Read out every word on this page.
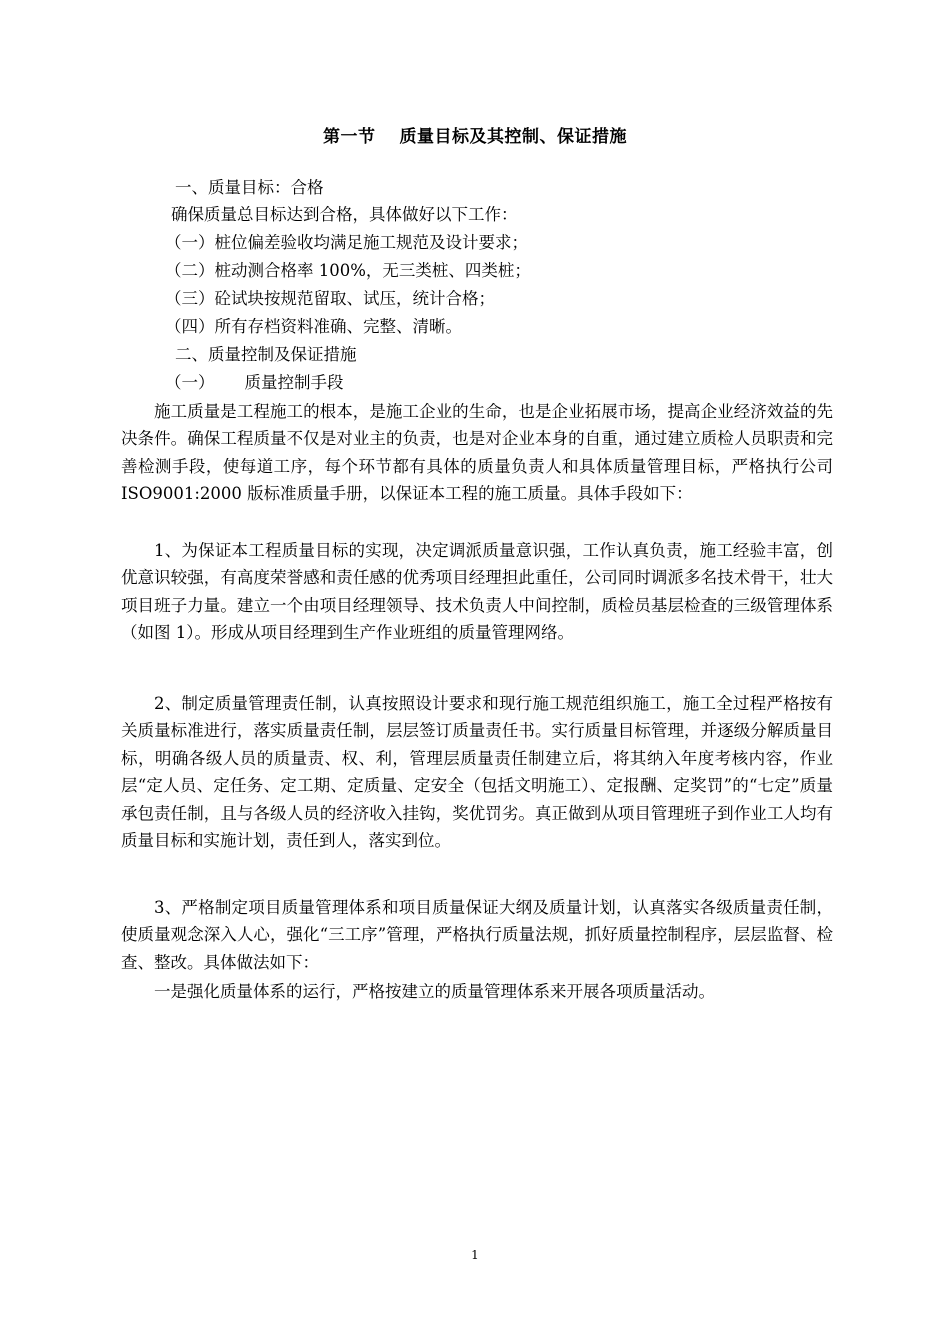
第一节 质量目标及其控制、保证措施

一、质量目标：合格

确保质量总目标达到合格，具体做好以下工作：

（一）桩位偏差验收均满足施工规范及设计要求；

（二）桩动测合格率 100%，无三类桩、四类桩；

（三）砼试块按规范留取、试压，统计合格；

（四）所有存档资料准确、完整、清晰。

二、质量控制及保证措施

（一） 质量控制手段

施工质量是工程施工的根本，是施工企业的生命，也是企业拓展市场，提高企业经济效益的先决条件。确保工程质量不仅是对业主的负责，也是对企业本身的自重，通过建立质检人员职责和完善检测手段，使每道工序，每个环节都有具体的质量负责人和具体质量管理目标，严格执行公司 ISO9001:2000 版标准质量手册，以保证本工程的施工质量。具体手段如下：

1、为保证本工程质量目标的实现，决定调派质量意识强，工作认真负责，施工经验丰富，创优意识较强，有高度荣誉感和责任感的优秀项目经理担此重任，公司同时调派多名技术骨干，壮大项目班子力量。建立一个由项目经理领导、技术负责人中间控制，质检员基层检查的三级管理体系（如图 1）。形成从项目经理到生产作业班组的质量管理网络。

2、制定质量管理责任制，认真按照设计要求和现行施工规范组织施工，施工全过程严格按有关质量标准进行，落实质量责任制，层层签订质量责任书。实行质量目标管理，并逐级分解质量目标，明确各级人员的质量责、权、利，管理层质量责任制建立后，将其纳入年度考核内容，作业层“定人员、定任务、定工期、定质量、定安全（包括文明施工）、定报酬、定奖罚”的“七定”质量承包责任制，且与各级人员的经济收入挂钩，奖优罚劣。真正做到从项目管理班子到作业工人均有质量目标和实施计划，责任到人，落实到位。

3、严格制定项目质量管理体系和项目质量保证大纲及质量计划，认真落实各级质量责任制，使质量观念深入人心，强化“三工序”管理，严格执行质量法规，抓好质量控制程序，层层监督、检查、整改。具体做法如下：

一是强化质量体系的运行，严格按建立的质量管理体系来开展各项质量活动。

1
